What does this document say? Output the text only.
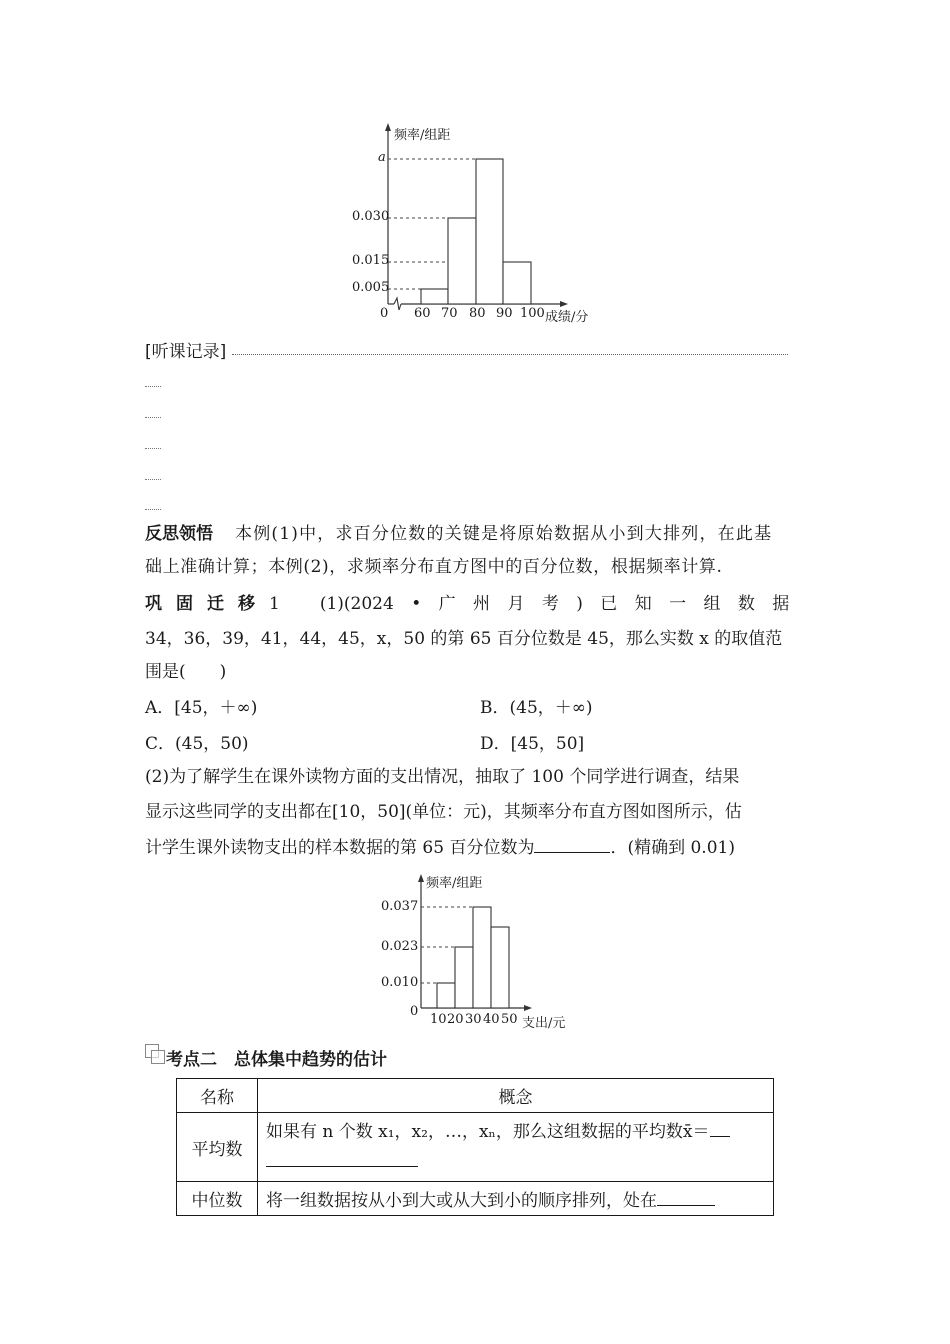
频率/组距
a
0.030
0.015
0.005
0 60 70 80 90 100 成绩/分
[听课记录]
反思领悟 本例(1)中，求百分位数的关键是将原始数据从小到大排列，在此基
础上准确计算；本例(2)，求频率分布直方图中的百分位数，根据频率计算.
巩固迁移1 (1)(2024 • 广 州 月 考 ) 已 知 一 组 数 据
34，36，39，41，44，45，x，50 的第 65 百分位数是 45，那么实数 x 的取值范
围是(　　)
A．[45，＋∞)	B．(45，＋∞)
C．(45，50)	D．[45，50]
(2)为了解学生在课外读物方面的支出情况，抽取了 100 个同学进行调查，结果
显示这些同学的支出都在[10，50](单位：元)，其频率分布直方图如图所示，估
计学生课外读物支出的样本数据的第 65 百分位数为	．(精确到 0.01)
频率/组距
0.037
0.023
0.010
0
10 20 30 40 50 支出/元
考点二　总体集中趋势的估计
名称	概念
平均数	如果有 n 个数 x₁，x₂，…，xₙ，那么这组数据的平均数x̄＝

中位数	将一组数据按从小到大或从大到小的顺序排列，处在
